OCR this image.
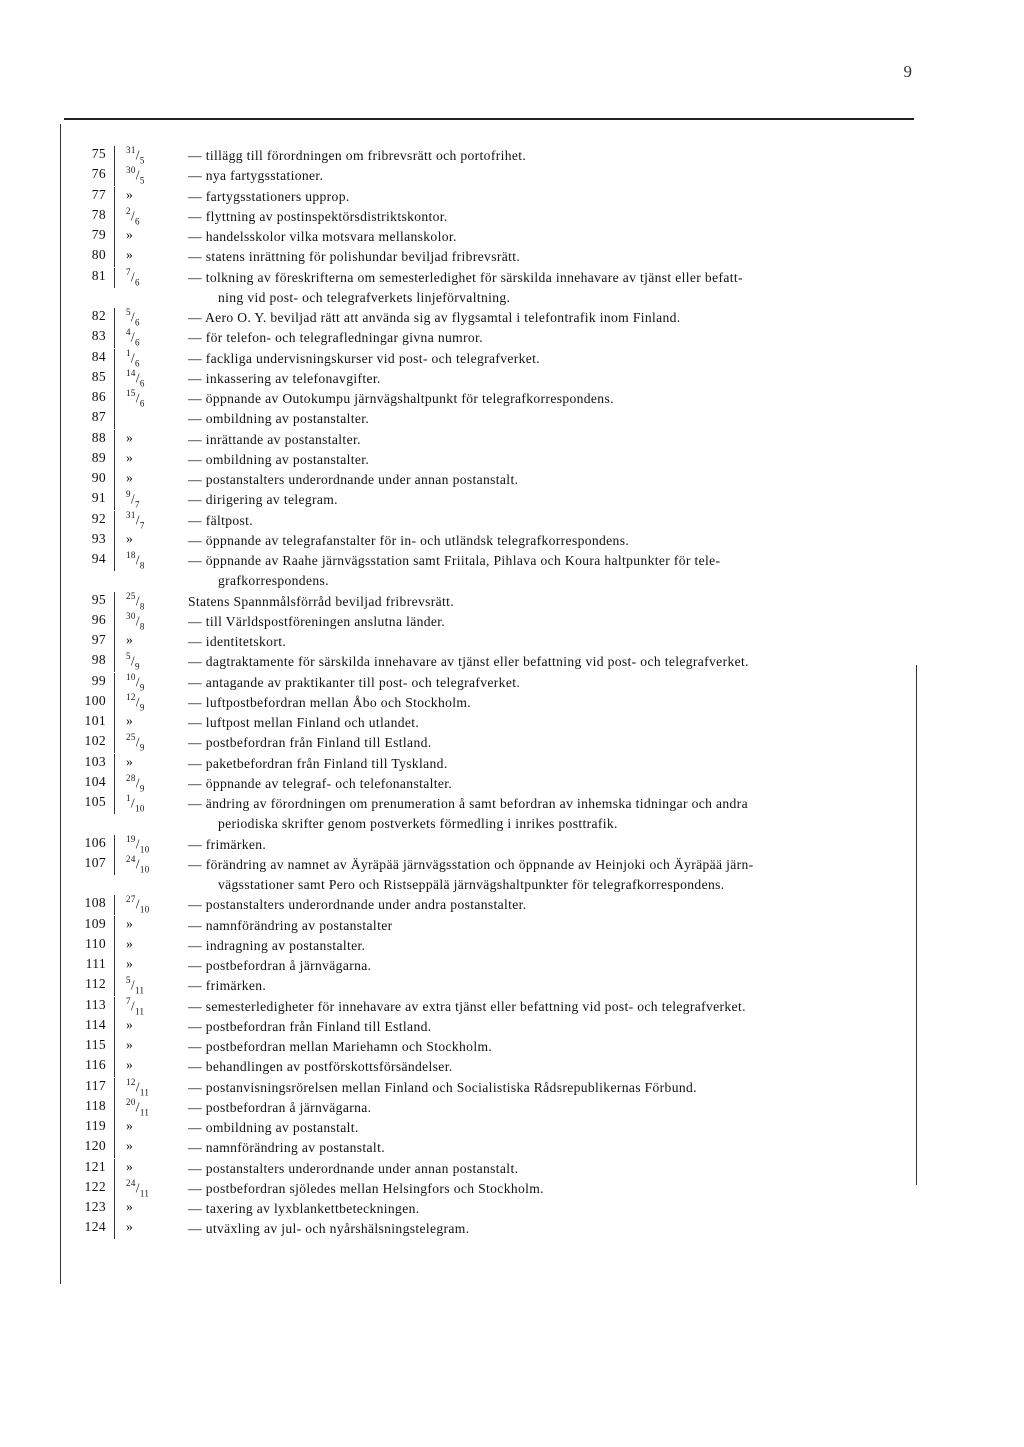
9
75 $^{31}/_5$	— tillägg till förordningen om fribrevsrätt och portofrihet.
76 $^{30}/_5$	— nya fartygsstationer.
77 »	— fartygsstationers upprop.
78 $^2/_6$	— flyttning av postinspektörsdistriktskontor.
79 »	— handelsskolor vilka motsvara mellanskolor.
80 »	— statens inrättning för polishundar beviljad fribrevsrätt.
81 $^7/_6$	— tolkning av föreskrifterna om semesterledighet för särskilda innehavare av tjänst eller befatt-
ning vid post- och telegrafverkets linjeförvaltning.
82 $^5/_6$	— Aero O. Y. beviljad rätt att använda sig av flygsamtal i telefontrafik inom Finland.
83 $^4/_6$	— för telefon- och telegrafledningar givna numror.
84 $^1/_6$	— fackliga undervisningskurser vid post- och telegrafverket.
85 $^{14}/_6$	— inkassering av telefonavgifter.
86 $^{15}/_6$	— öppnande av Outokumpu järnvägshaltpunkt för telegrafkorrespondens.
87	— ombildning av postanstalter.
88 »	— inrättande av postanstalter.
89 »	— ombildning av postanstalter.
90 »	— postanstalters underordnande under annan postanstalt.
91 $^9/_7$	— dirigering av telegram.
92 $^{31}/_7$	— fältpost.
93 »	— öppnande av telegrafanstalter för in- och utländsk telegrafkorrespondens.
94 $^{18}/_8$	— öppnande av Raahe järnvägsstation samt Friitala, Pihlava och Koura haltpunkter för tele-
grafkorrespondens.
95 $^{25}/_8$	Statens Spannmålsförråd beviljad fribrevsrätt.
96 $^{30}/_8$	— till Världspostföreningen anslutna länder.
97 »	— identitetskort.
98 $^5/_9$	— dagtraktamente för särskilda innehavare av tjänst eller befattning vid post- och telegrafverket.
99 $^{10}/_9$	— antagande av praktikanter till post- och telegrafverket.
100 $^{12}/_9$	— luftpostbefordran mellan Åbo och Stockholm.
101 »	— luftpost mellan Finland och utlandet.
102 $^{25}/_9$	— postbefordran från Finland till Estland.
103 »	— paketbefordran från Finland till Tyskland.
104 $^{28}/_9$	— öppnande av telegraf- och telefonanstalter.
105 $^1/_{10}$	— ändring av förordningen om prenumeration å samt befordran av inhemska tidningar och andra
periodiska skrifter genom postverkets förmedling i inrikes posttrafik.
106 $^{19}/_{10}$	— frimärken.
107 $^{24}/_{10}$	— förändring av namnet av Äyräpää järnvägsstation och öppnande av Heinjoki och Äyräpää järn-
vägsstationer samt Pero och Ristseppälä järnvägshaltpunkter för telegrafkorrespondens.
108 $^{27}/_{10}$	— postanstalters underordnande under andra postanstalter.
109 »	— namnförändring av postanstalter
110 »	— indragning av postanstalter.
111 »	— postbefordran å järnvägarna.
112 $^5/_{11}$	— frimärken.
113 $^7/_{11}$	— semesterledigheter för innehavare av extra tjänst eller befattning vid post- och telegrafverket.
114 »	— postbefordran från Finland till Estland.
115 »	— postbefordran mellan Mariehamn och Stockholm.
116 »	— behandlingen av postförskottsförsändelser.
117 $^{12}/_{11}$	— postanvisningsrörelsen mellan Finland och Socialistiska Rådsrepublikernas Förbund.
118 $^{20}/_{11}$	— postbefordran å järnvägarna.
119 »	— ombildning av postanstalt.
120 »	— namnförändring av postanstalt.
121 »	— postanstalters underordnande under annan postanstalt.
122 $^{24}/_{11}$	— postbefordran sjöledes mellan Helsingfors och Stockholm.
123 »	— taxering av lyxblankettbeteckningen.
124 »	— utväxling av jul- och nyårshälsningstelegram.
